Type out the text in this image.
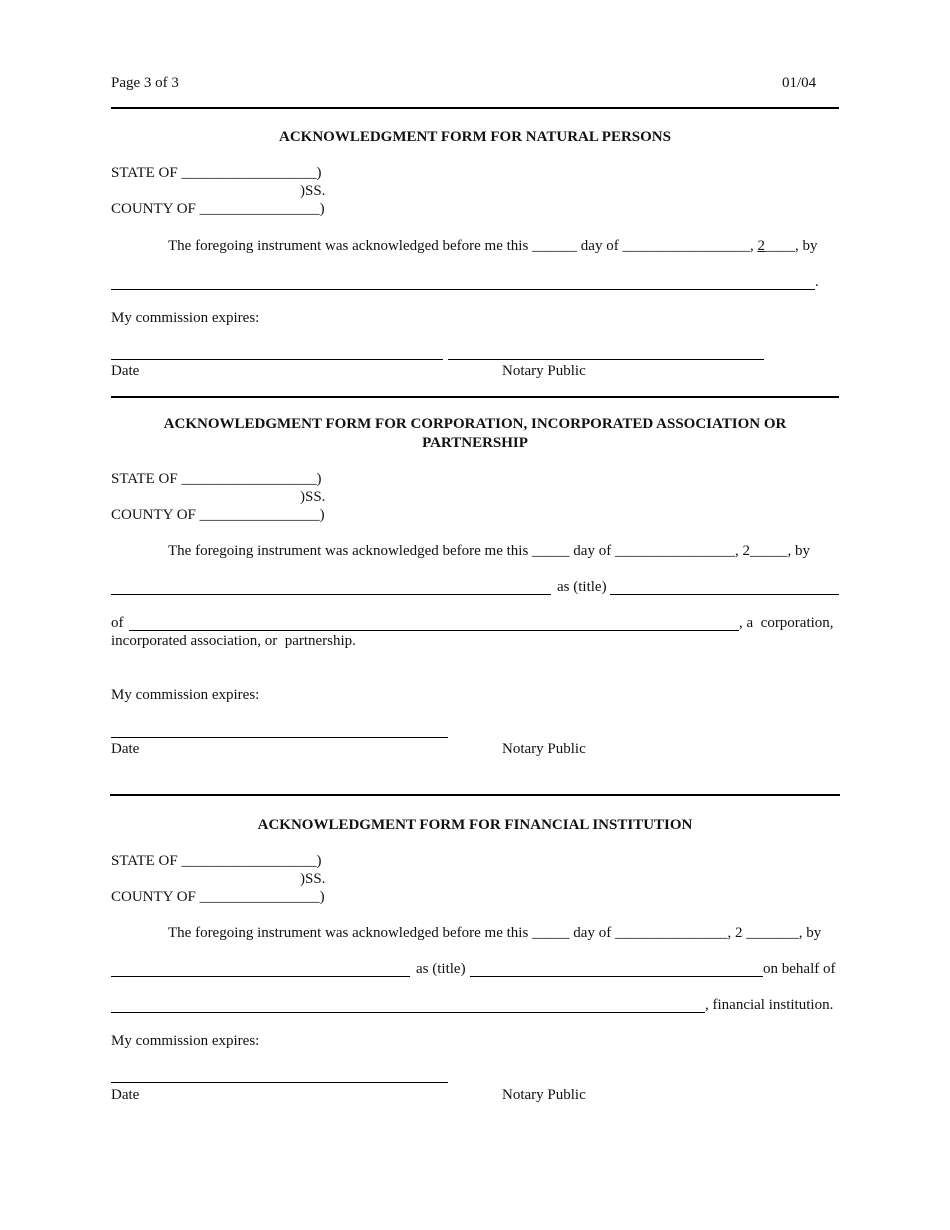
Page 3 of 3	01/04
ACKNOWLEDGMENT FORM FOR NATURAL PERSONS
STATE OF __________________)
)SS.
COUNTY OF ________________)
The foregoing instrument was acknowledged before me this ______ day of _________________, 2____, by
.
My commission expires:
Date	Notary Public
ACKNOWLEDGMENT FORM FOR CORPORATION, INCORPORATED ASSOCIATION OR
PARTNERSHIP
STATE OF __________________)
)SS.
COUNTY OF ________________)
The foregoing instrument was acknowledged before me this _____ day of ________________, 2_____, by
as (title)
of	, a  corporation,
incorporated association, or  partnership.
My commission expires:
Date	Notary Public
ACKNOWLEDGMENT FORM FOR FINANCIAL INSTITUTION
STATE OF __________________)
)SS.
COUNTY OF ________________)
The foregoing instrument was acknowledged before me this _____ day of _______________, 2 _______, by
as (title)	on behalf of
, financial institution.
My commission expires:
Date	Notary Public
